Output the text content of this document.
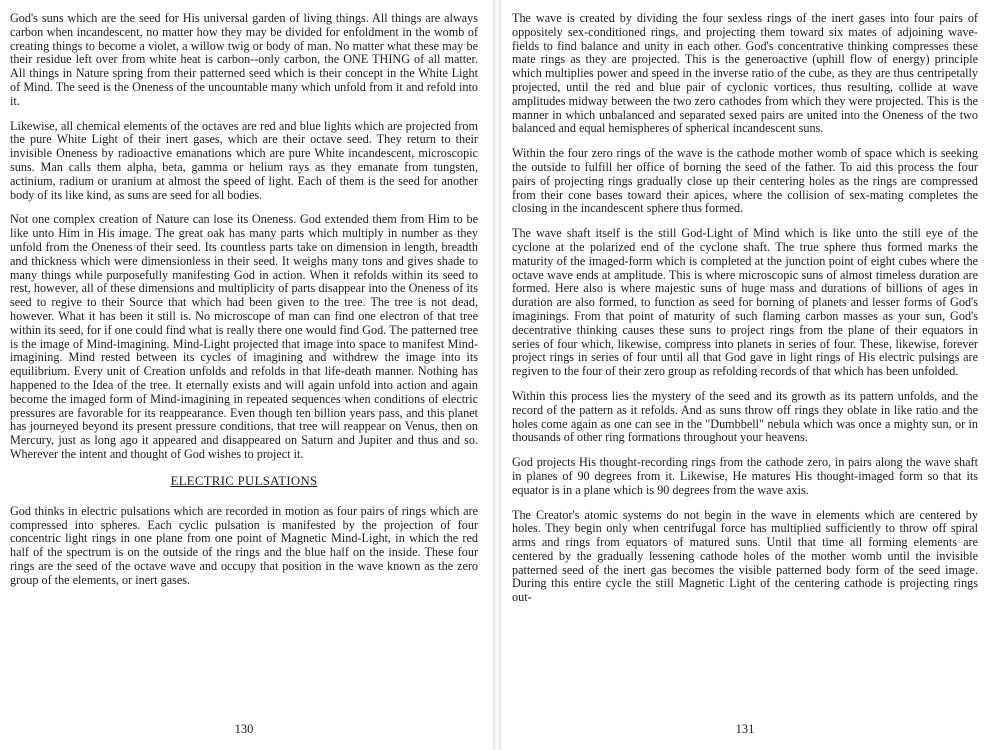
God's suns which are the seed for His universal garden of living things. All things are always carbon when incandescent, no matter how they may be divided for enfoldment in the womb of creating things to become a violet, a willow twig or body of man. No matter what these may be their residue left over from white heat is carbon--only carbon, the ONE THING of all matter. All things in Nature spring from their patterned seed which is their concept in the White Light of Mind. The seed is the Oneness of the uncountable many which unfold from it and refold into it.

Likewise, all chemical elements of the octaves are red and blue lights which are projected from the pure White Light of their inert gases, which are their octave seed. They return to their invisible Oneness by radioactive emanations which are pure White incandescent, microscopic suns. Man calls them alpha, beta, gamma or helium rays as they emanate from tungsten, actinium, radium or uranium at almost the speed of light. Each of them is the seed for another body of its like kind, as suns are seed for all bodies.

Not one complex creation of Nature can lose its Oneness. God extended them from Him to be like unto Him in His image. The great oak has many parts which multiply in number as they unfold from the Oneness of their seed. Its countless parts take on dimension in length, breadth and thickness which were dimensionless in their seed. It weighs many tons and gives shade to many things while purposefully manifesting God in action. When it refolds within its seed to rest, however, all of these dimensions and multiplicity of parts disappear into the Oneness of its seed to regive to their Source that which had been given to the tree. The tree is not dead, however. What it has been it still is. No microscope of man can find one electron of that tree within its seed, for if one could find what is really there one would find God. The patterned tree is the image of Mind-imagining. Mind-Light projected that image into space to manifest Mind-imagining. Mind rested between its cycles of imagining and withdrew the image into its equilibrium. Every unit of Creation unfolds and refolds in that life-death manner. Nothing has happened to the Idea of the tree. It eternally exists and will again unfold into action and again become the imaged form of Mind-imagining in repeated sequences when conditions of electric pressures are favorable for its reappearance. Even though ten billion years pass, and this planet has journeyed beyond its present pressure conditions, that tree will reappear on Venus, then on Mercury, just as long ago it appeared and disappeared on Saturn and Jupiter and thus and so. Wherever the intent and thought of God wishes to project it.

ELECTRIC PULSATIONS

God thinks in electric pulsations which are recorded in motion as four pairs of rings which are compressed into spheres. Each cyclic pulsation is manifested by the projection of four concentric light rings in one plane from one point of Magnetic Mind-Light, in which the red half of the spectrum is on the outside of the rings and the blue half on the inside. These four rings are the seed of the octave wave and occupy that position in the wave known as the zero group of the elements, or inert gases.

130

The wave is created by dividing the four sexless rings of the inert gases into four pairs of oppositely sex-conditioned rings, and projecting them toward six mates of adjoining wave-fields to find balance and unity in each other. God's concentrative thinking compresses these mate rings as they are projected. This is the generoactive (uphill flow of energy) principle which multiplies power and speed in the inverse ratio of the cube, as they are thus centripetally projected, until the red and blue pair of cyclonic vortices, thus resulting, collide at wave amplitudes midway between the two zero cathodes from which they were projected. This is the manner in which unbalanced and separated sexed pairs are united into the Oneness of the two balanced and equal hemispheres of spherical incandescent suns.

Within the four zero rings of the wave is the cathode mother womb of space which is seeking the outside to fulfill her office of borning the seed of the father. To aid this process the four pairs of projecting rings gradually close up their centering holes as the rings are compressed from their cone bases toward their apices, where the collision of sex-mating completes the closing in the incandescent sphere thus formed.

The wave shaft itself is the still God-Light of Mind which is like unto the still eye of the cyclone at the polarized end of the cyclone shaft. The true sphere thus formed marks the maturity of the imaged-form which is completed at the junction point of eight cubes where the octave wave ends at amplitude. This is where microscopic suns of almost timeless duration are formed. Here also is where majestic suns of huge mass and durations of billions of ages in duration are also formed, to function as seed for borning of planets and lesser forms of God's imaginings. From that point of maturity of such flaming carbon masses as your sun, God's decentrative thinking causes these suns to project rings from the plane of their equators in series of four which, likewise, compress into planets in series of four. These, likewise, forever project rings in series of four until all that God gave in light rings of His electric pulsings are regiven to the four of their zero group as refolding records of that which has been unfolded.

Within this process lies the mystery of the seed and its growth as its pattern unfolds, and the record of the pattern as it refolds. And as suns throw off rings they oblate in like ratio and the holes come again as one can see in the "Dumbbell" nebula which was once a mighty sun, or in thousands of other ring formations throughout your heavens.

God projects His thought-recording rings from the cathode zero, in pairs along the wave shaft in planes of 90 degrees from it. Likewise, He matures His thought-imaged form so that its equator is in a plane which is 90 degrees from the wave axis.

The Creator's atomic systems do not begin in the wave in elements which are centered by holes. They begin only when centrifugal force has multiplied sufficiently to throw off spiral arms and rings from equators of matured suns. Until that time all forming elements are centered by the gradually lessening cathode holes of the mother womb until the invisible patterned seed of the inert gas becomes the visible patterned body form of the seed image. During this entire cycle the still Magnetic Light of the centering cathode is projecting rings out-

131
